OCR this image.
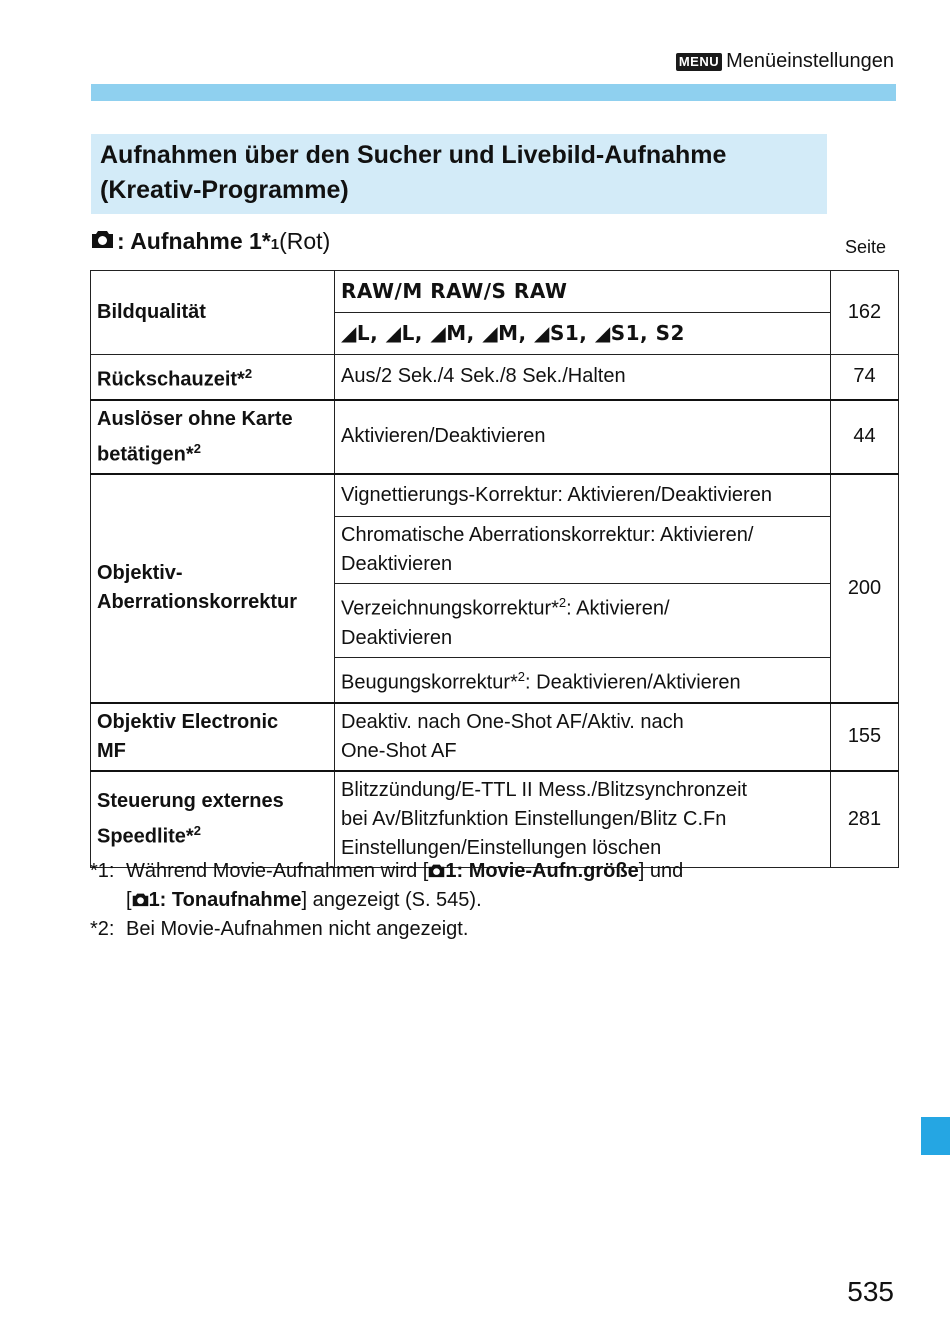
MENU Menüeinstellungen
Aufnahmen über den Sucher und Livebild-Aufnahme
(Kreativ-Programme)
: Aufnahme 1* 1 (Rot)	Seite
Bildqualität	RAW/M RAW/S RAW	162
	◢L, ◢L, ◢M, ◢M, ◢S1, ◢S1, S2	
Rückschauzeit*$^2$	Aus/2 Sek./4 Sek./8 Sek./Halten	74
Auslöser ohne Karte
betätigen*$^2$	Aktivieren/Deaktivieren	44
Objektiv-
Aberrationskorrektur	Vignettierungs-Korrektur: Aktivieren/Deaktivieren	200
	Chromatische Aberrationskorrektur: Aktivieren/
Deaktivieren	
	Verzeichnungskorrektur*$^2$: Aktivieren/
Deaktivieren	
	Beugungskorrektur*$^2$: Deaktivieren/Aktivieren	
Objektiv Electronic
MF	Deaktiv. nach One-Shot AF/Aktiv. nach
One-Shot AF	155
Steuerung externes
Speedlite*$^2$	Blitzzündung/E-TTL II Mess./Blitzsynchronzeit
bei Av/Blitzfunktion Einstellungen/Blitz C.Fn
Einstellungen/Einstellungen löschen	281
*1: Während Movie-Aufnahmen wird [ 1: Movie-Aufn.größe] und
[ 1: Tonaufnahme] angezeigt (S. 545).
*2: Bei Movie-Aufnahmen nicht angezeigt.
535
